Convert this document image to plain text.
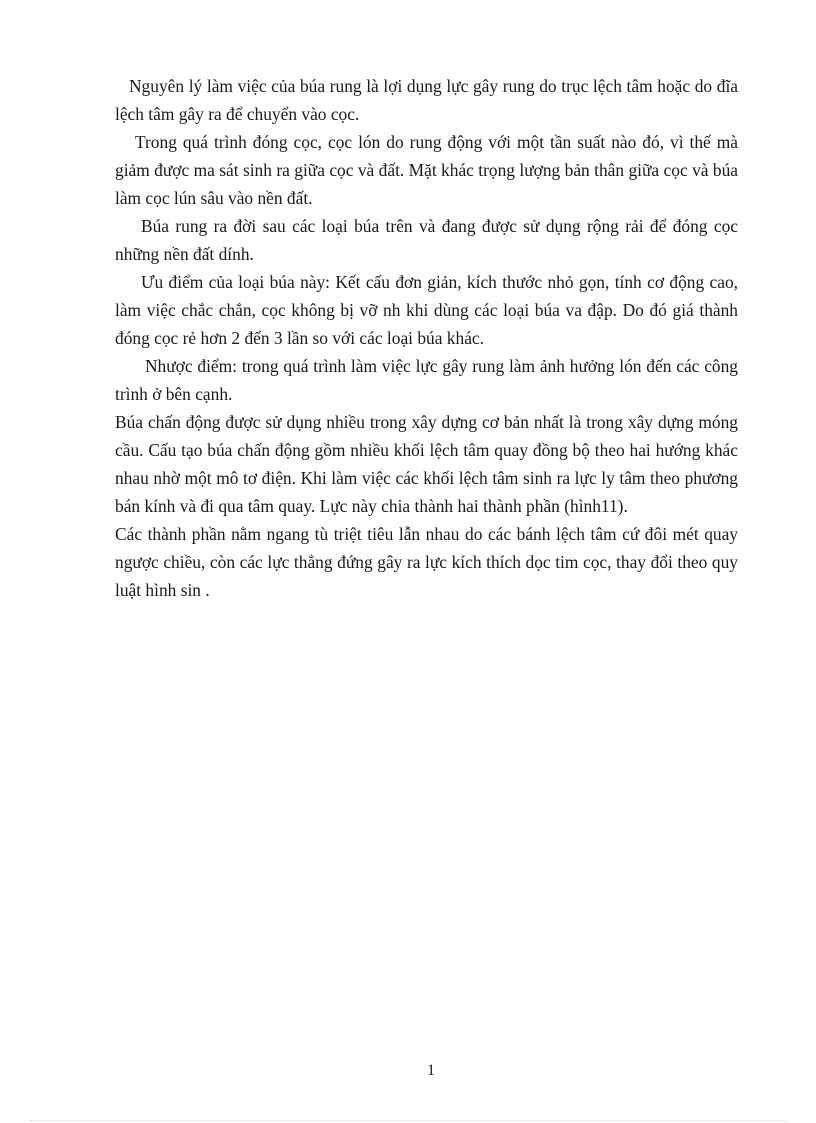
Nguyên lý làm việc của búa rung là lợi dụng lực gây rung do trục lệch tâm hoặc do đĩa lệch tâm gây ra để chuyển vào cọc.

Trong quá trình đóng cọc, cọc lón do rung động với một tần suất nào đó, vì thế mà giảm được ma sát sinh ra giữa cọc và đất. Mặt khác trọng lượng bản thân giữa cọc và búa làm cọc lún sâu vào nền đất.

Búa rung ra đời sau các loại búa trên và đang được sử dụng rộng rải để đóng cọc những nền đất dính.

Ưu điểm của loại búa này: Kết cấu đơn giản, kích thước nhỏ gọn, tính cơ động cao, làm việc chắc chắn, cọc không bị vỡ nh khi dùng các loại búa va đập. Do đó giá thành đóng cọc rẻ hơn 2 đến 3 lần so với các loại búa khác.

Nhược điểm: trong quá trình làm việc lực gây rung làm ảnh hưởng lón đến các công trình ở bên cạnh.

Búa chấn động được sử dụng nhiều trong xây dựng cơ bản nhất là trong xây dựng móng cầu. Cấu tạo búa chấn động gồm nhiều khối lệch tâm quay đồng bộ theo hai hướng khác nhau nhờ một mô tơ điện. Khi làm việc các khối lệch tâm sinh ra lực ly tâm theo phương bán kính và đi qua tâm quay. Lực này chia thành hai thành phần (hình11).

Các thành phần nằm ngang tù triệt tiêu lẫn nhau do các bánh lệch tâm cứ đôi mét quay ngược chiều, còn các lực thẳng đứng gây ra lực kích thích dọc tim cọc, thay đổi theo quy luật hình sin .

1
